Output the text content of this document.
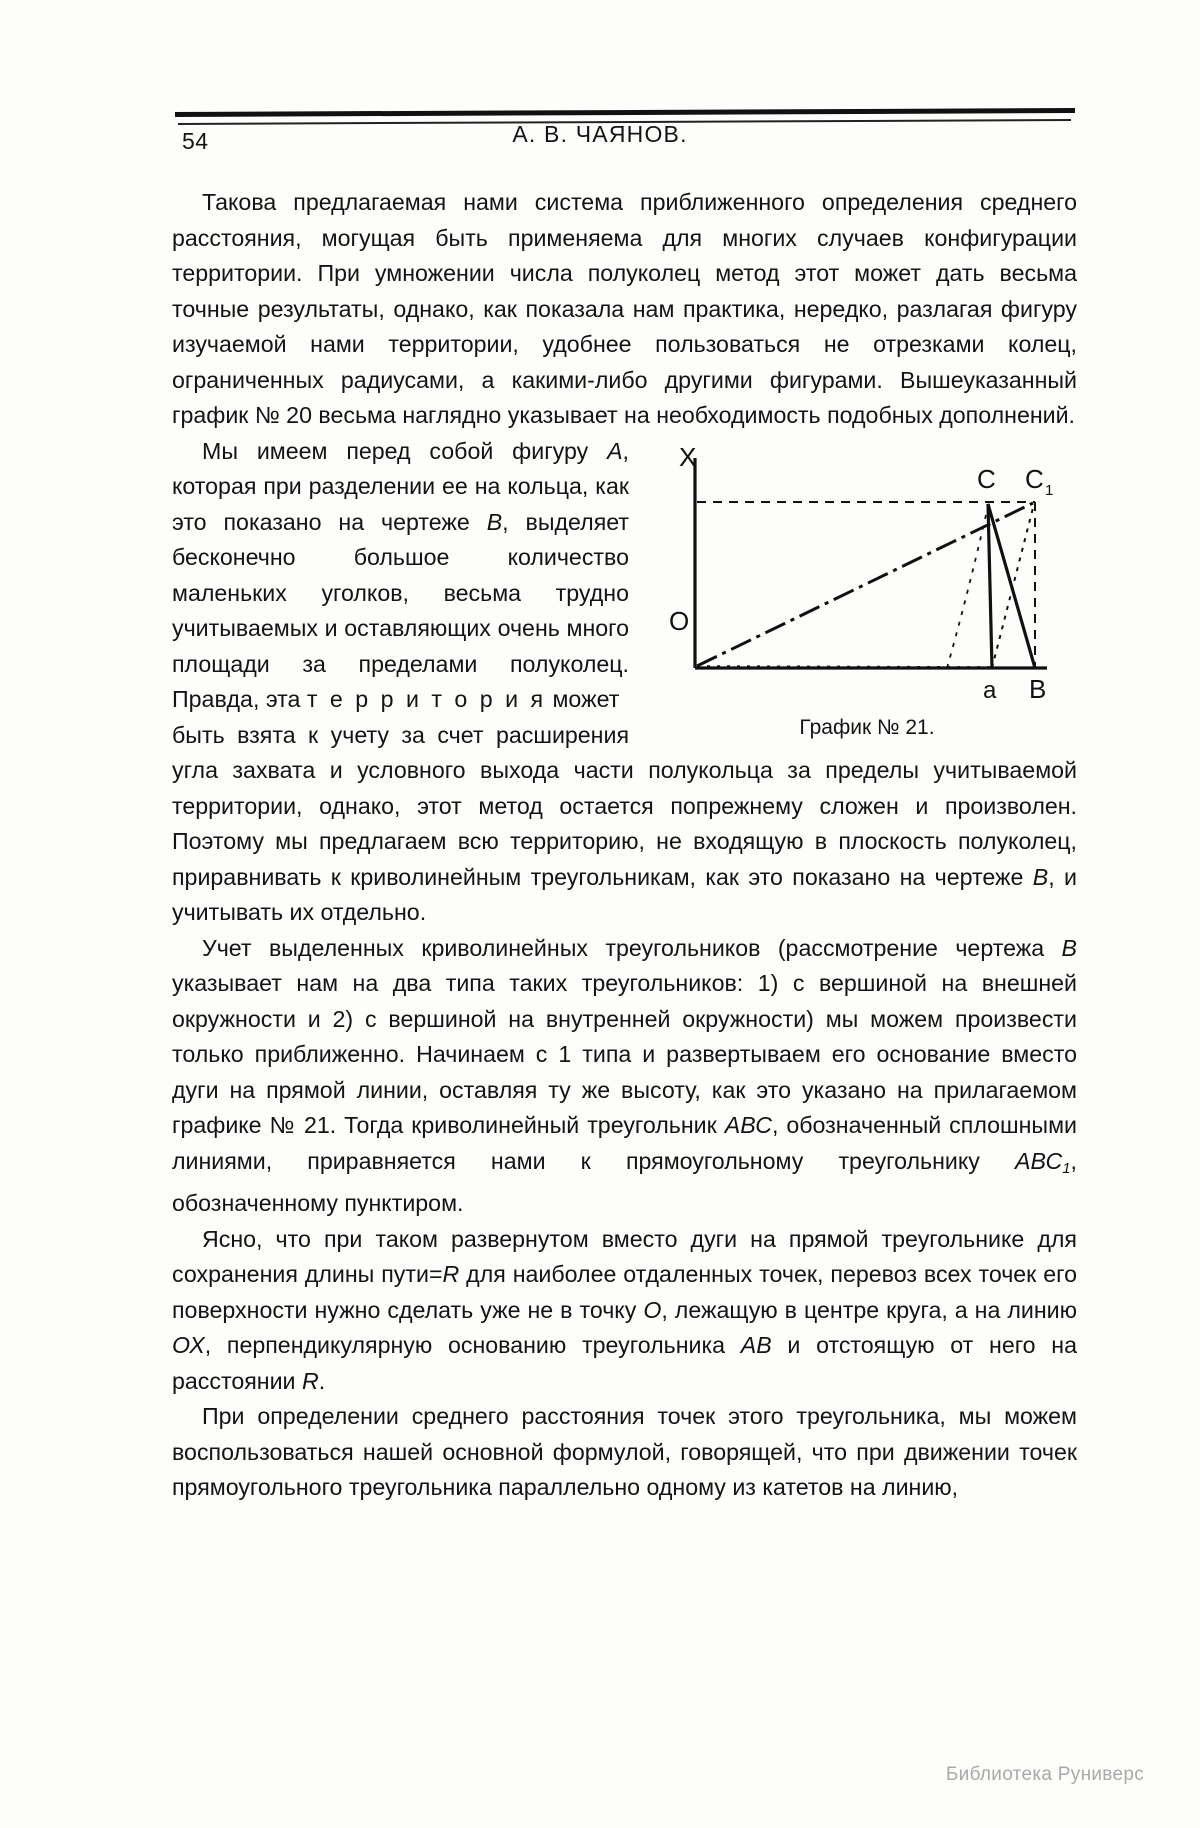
54	А. В. ЧАЯНОВ.

Такова предлагаемая нами система приближенного определения среднего расстояния, могущая быть применяема для многих случаев конфигурации территории. При умножении числа полуколец метод этот может дать весьма точные результаты, однако, как показала нам практика, нередко, разлагая фигуру изучаемой нами территории, удобнее пользоваться не отрезками колец, ограниченных радиусами, а какими-либо другими фигурами. Вышеуказанный график № 20 весьма наглядно указывает на необходимость подобных дополнений.

X
O
С С 1
а В
График № 21.

Мы имеем перед собой фигуру A, которая при разделении ее на кольца, как это показано на чертеже B, выделяет бесконечно большое количество маленьких уголков, весьма трудно учитываемых и оставляющих очень много площади за пределами полуколец. Правда, эта т е р р и т о р и я может

быть взята к учету за счет расширения угла захвата и условного выхода части полукольца за пределы учитываемой территории, однако, этот метод остается попрежнему сложен и произволен. Поэтому мы предлагаем всю территорию, не входящую в плоскость полуколец, приравнивать к криволинейным треугольникам, как это показано на чертеже B, и учитывать их отдельно.

Учет выделенных криволинейных треугольников (рассмотрение чертежа B указывает нам на два типа таких треугольников: 1) с вершиной на внешней окружности и 2) с вершиной на внутренней окружности) мы можем произвести только приближенно. Начинаем с 1 типа и развертываем его основание вместо дуги на прямой линии, оставляя ту же высоту, как это указано на прилагаемом графике № 21. Тогда криволинейный треугольник АВС, обозначенный сплошными линиями, приравняется нами к прямоугольному треугольнику $АВС_1$, обозначенному пунктиром.

Ясно, что при таком развернутом вместо дуги на прямой треугольнике для сохранения длины пути=R для наиболее отдаленных точек, перевоз всех точек его поверхности нужно сделать уже не в точку О, лежащую в центре круга, а на линию ОХ, перпендикулярную основанию треугольника АВ и отстоящую от него на расстоянии R.

При определении среднего расстояния точек этого треугольника, мы можем воспользоваться нашей основной формулой, говорящей, что при движении точек прямоугольного треугольника параллельно одному из катетов на линию,

Библиотека Руниверс
